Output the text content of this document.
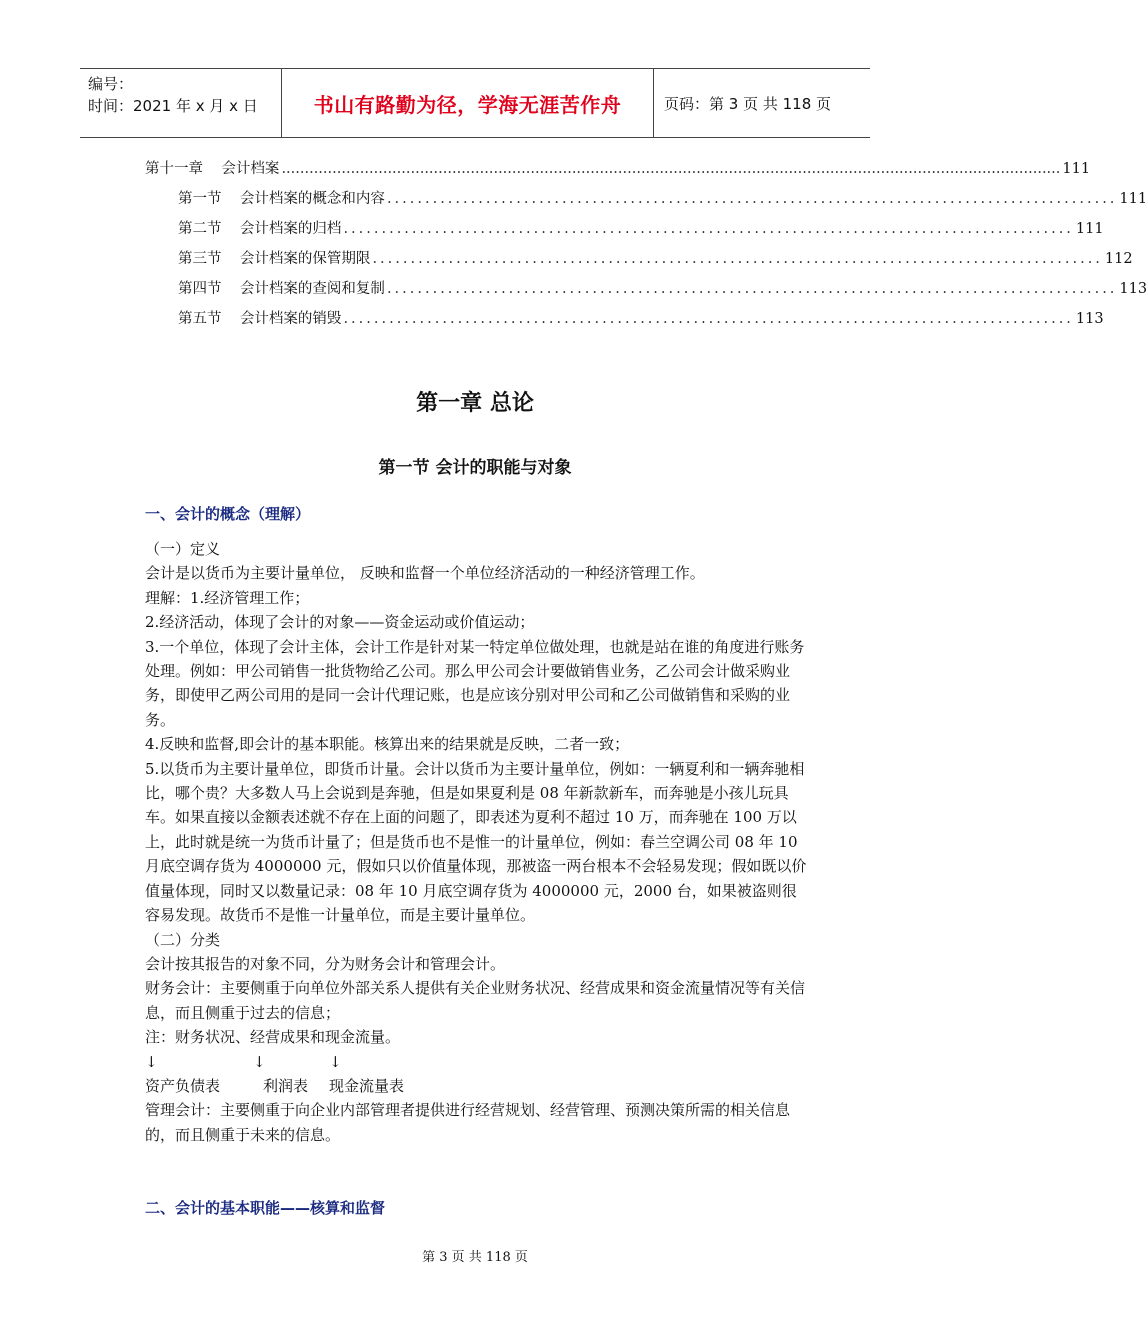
编号：
时间：2021 年 x 月 x 日	书山有路勤为径，学海无涯苦作舟	页码：第 3 页 共 118 页
第十一章    会计档案 ......................................................................................................................................................................... 111
第一节    会计档案的概念和内容 ................................................................................................ 111
第二节    会计档案的归档 ................................................................................................ 111
第三节    会计档案的保管期限 ................................................................................................ 112
第四节    会计档案的查阅和复制 ................................................................................................ 113
第五节    会计档案的销毁 ................................................................................................ 113
第一章 总论
第一节 会计的职能与对象
一、会计的概念（理解）

（一）定义

会计是以货币为主要计量单位， 反映和监督一个单位经济活动的一种经济管理工作。

理解：1.经济管理工作；

2.经济活动，体现了会计的对象——资金运动或价值运动；

3.一个单位，体现了会计主体，会计工作是针对某一特定单位做处理，也就是站在谁的角度进行账务处理。例如：甲公司销售一批货物给乙公司。那么甲公司会计要做销售业务，乙公司会计做采购业务，即使甲乙两公司用的是同一会计代理记账，也是应该分别对甲公司和乙公司做销售和采购的业务。

4.反映和监督,即会计的基本职能。核算出来的结果就是反映，二者一致；

5.以货币为主要计量单位，即货币计量。会计以货币为主要计量单位，例如：一辆夏利和一辆奔驰相比，哪个贵？大多数人马上会说到是奔驰，但是如果夏利是 08 年新款新车，而奔驰是小孩儿玩具车。如果直接以金额表述就不存在上面的问题了，即表述为夏利不超过 10 万，而奔驰在 100 万以上，此时就是统一为货币计量了；但是货币也不是惟一的计量单位，例如：春兰空调公司 08 年 10 月底空调存货为 4000000 元，假如只以价值量体现，那被盗一两台根本不会轻易发现；假如既以价值量体现，同时又以数量记录：08 年 10 月底空调存货为 4000000 元，2000 台，如果被盗则很容易发现。故货币不是惟一计量单位，而是主要计量单位。

（二）分类

会计按其报告的对象不同，分为财务会计和管理会计。

财务会计：主要侧重于向单位外部关系人提供有关企业财务状况、经营成果和资金流量情况等有关信息，而且侧重于过去的信息；

注：财务状况、经营成果和现金流量。

↓	↓	↓
资产负债表	利润表	现金流量表

管理会计：主要侧重于向企业内部管理者提供进行经营规划、经营管理、预测决策所需的相关信息的，而且侧重于未来的信息。

二、会计的基本职能——核算和监督
第 3 页 共 118 页
